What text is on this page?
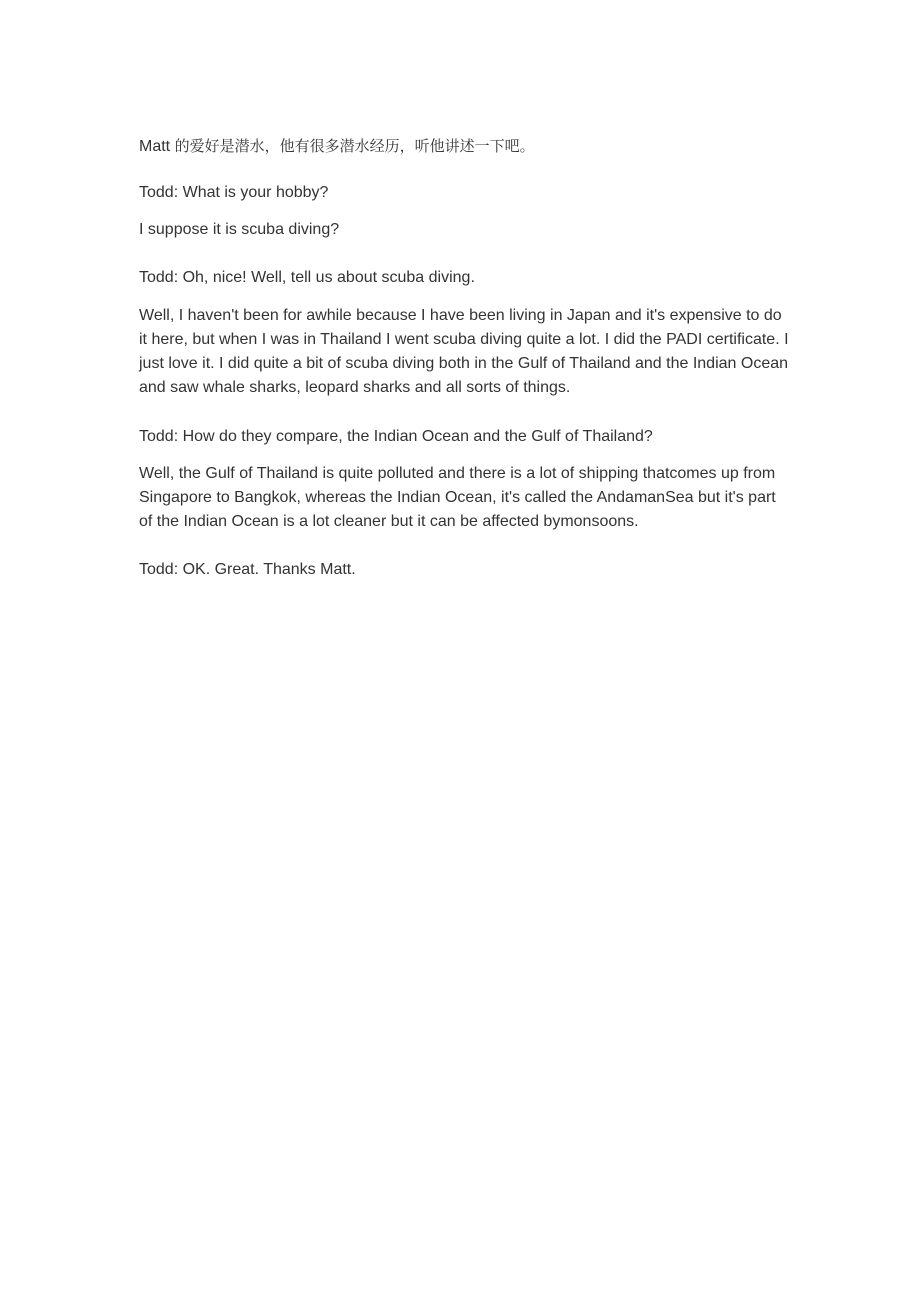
Matt 的爱好是潜水，他有很多潜水经历，听他讲述一下吧。

Todd: What is your hobby?

I suppose it is scuba diving?

Todd: Oh, nice! Well, tell us about scuba diving.

Well, I haven't been for awhile because I have been living in Japan and it's expensive to do it here, but when I was in Thailand I went scuba diving quite a lot. I did the PADI certificate. I just love it. I did quite a bit of scuba diving both in the Gulf of Thailand and the Indian Ocean and saw whale sharks, leopard sharks and all sorts of things.

Todd: How do they compare, the Indian Ocean and the Gulf of Thailand?

Well, the Gulf of Thailand is quite polluted and there is a lot of shipping thatcomes up from Singapore to Bangkok, whereas the Indian Ocean, it's called the AndamanSea but it's part of the Indian Ocean is a lot cleaner but it can be affected bymonsoons.

Todd: OK. Great. Thanks Matt.
